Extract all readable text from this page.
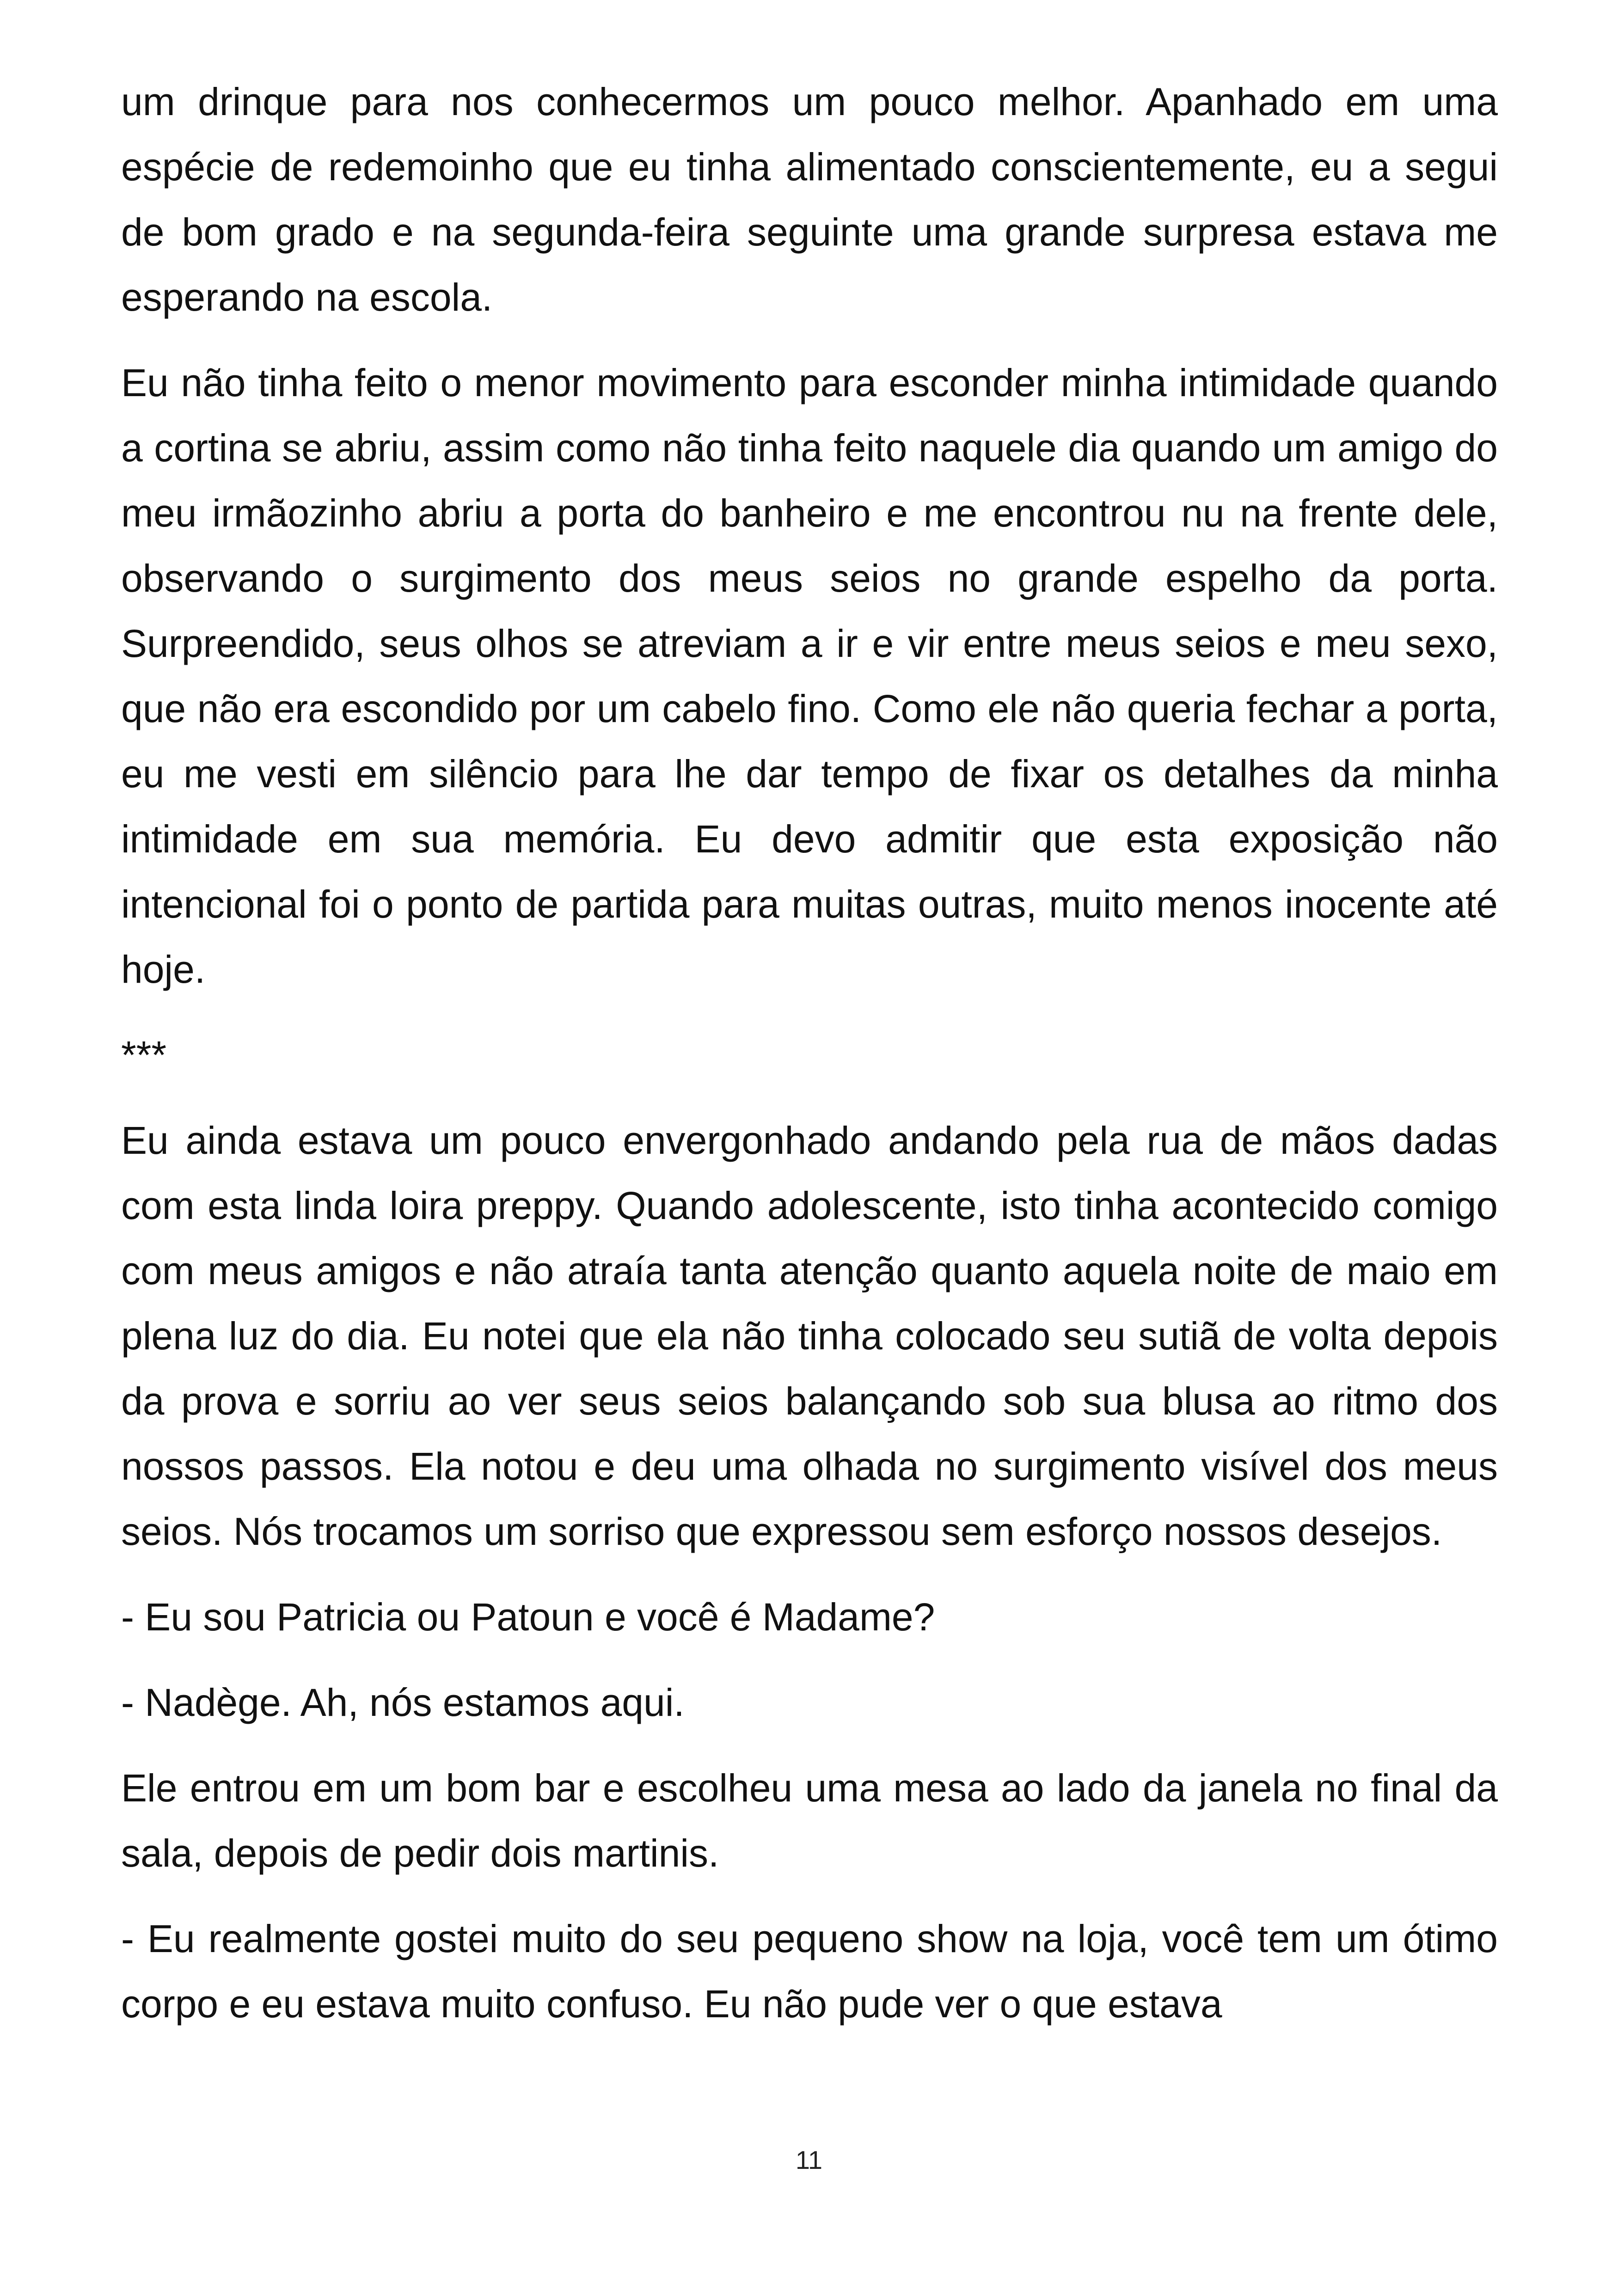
um drinque para nos conhecermos um pouco melhor. Apanhado em uma espécie de redemoinho que eu tinha alimentado conscientemente, eu a segui de bom grado e na segunda-feira seguinte uma grande surpresa estava me esperando na escola.

Eu não tinha feito o menor movimento para esconder minha intimidade quando a cortina se abriu, assim como não tinha feito naquele dia quando um amigo do meu irmãozinho abriu a porta do banheiro e me encontrou nu na frente dele, observando o surgimento dos meus seios no grande espelho da porta. Surpreendido, seus olhos se atreviam a ir e vir entre meus seios e meu sexo, que não era escondido por um cabelo fino. Como ele não queria fechar a porta, eu me vesti em silêncio para lhe dar tempo de fixar os detalhes da minha intimidade em sua memória. Eu devo admitir que esta exposição não intencional foi o ponto de partida para muitas outras, muito menos inocente até hoje.

***

Eu ainda estava um pouco envergonhado andando pela rua de mãos dadas com esta linda loira preppy. Quando adolescente, isto tinha acontecido comigo com meus amigos e não atraía tanta atenção quanto aquela noite de maio em plena luz do dia. Eu notei que ela não tinha colocado seu sutiã de volta depois da prova e sorriu ao ver seus seios balançando sob sua blusa ao ritmo dos nossos passos. Ela notou e deu uma olhada no surgimento visível dos meus seios. Nós trocamos um sorriso que expressou sem esforço nossos desejos.

- Eu sou Patricia ou Patoun e você é Madame?

- Nadège. Ah, nós estamos aqui.

Ele entrou em um bom bar e escolheu uma mesa ao lado da janela no final da sala, depois de pedir dois martinis.

- Eu realmente gostei muito do seu pequeno show na loja, você tem um ótimo corpo e eu estava muito confuso. Eu não pude ver o que estava

11
